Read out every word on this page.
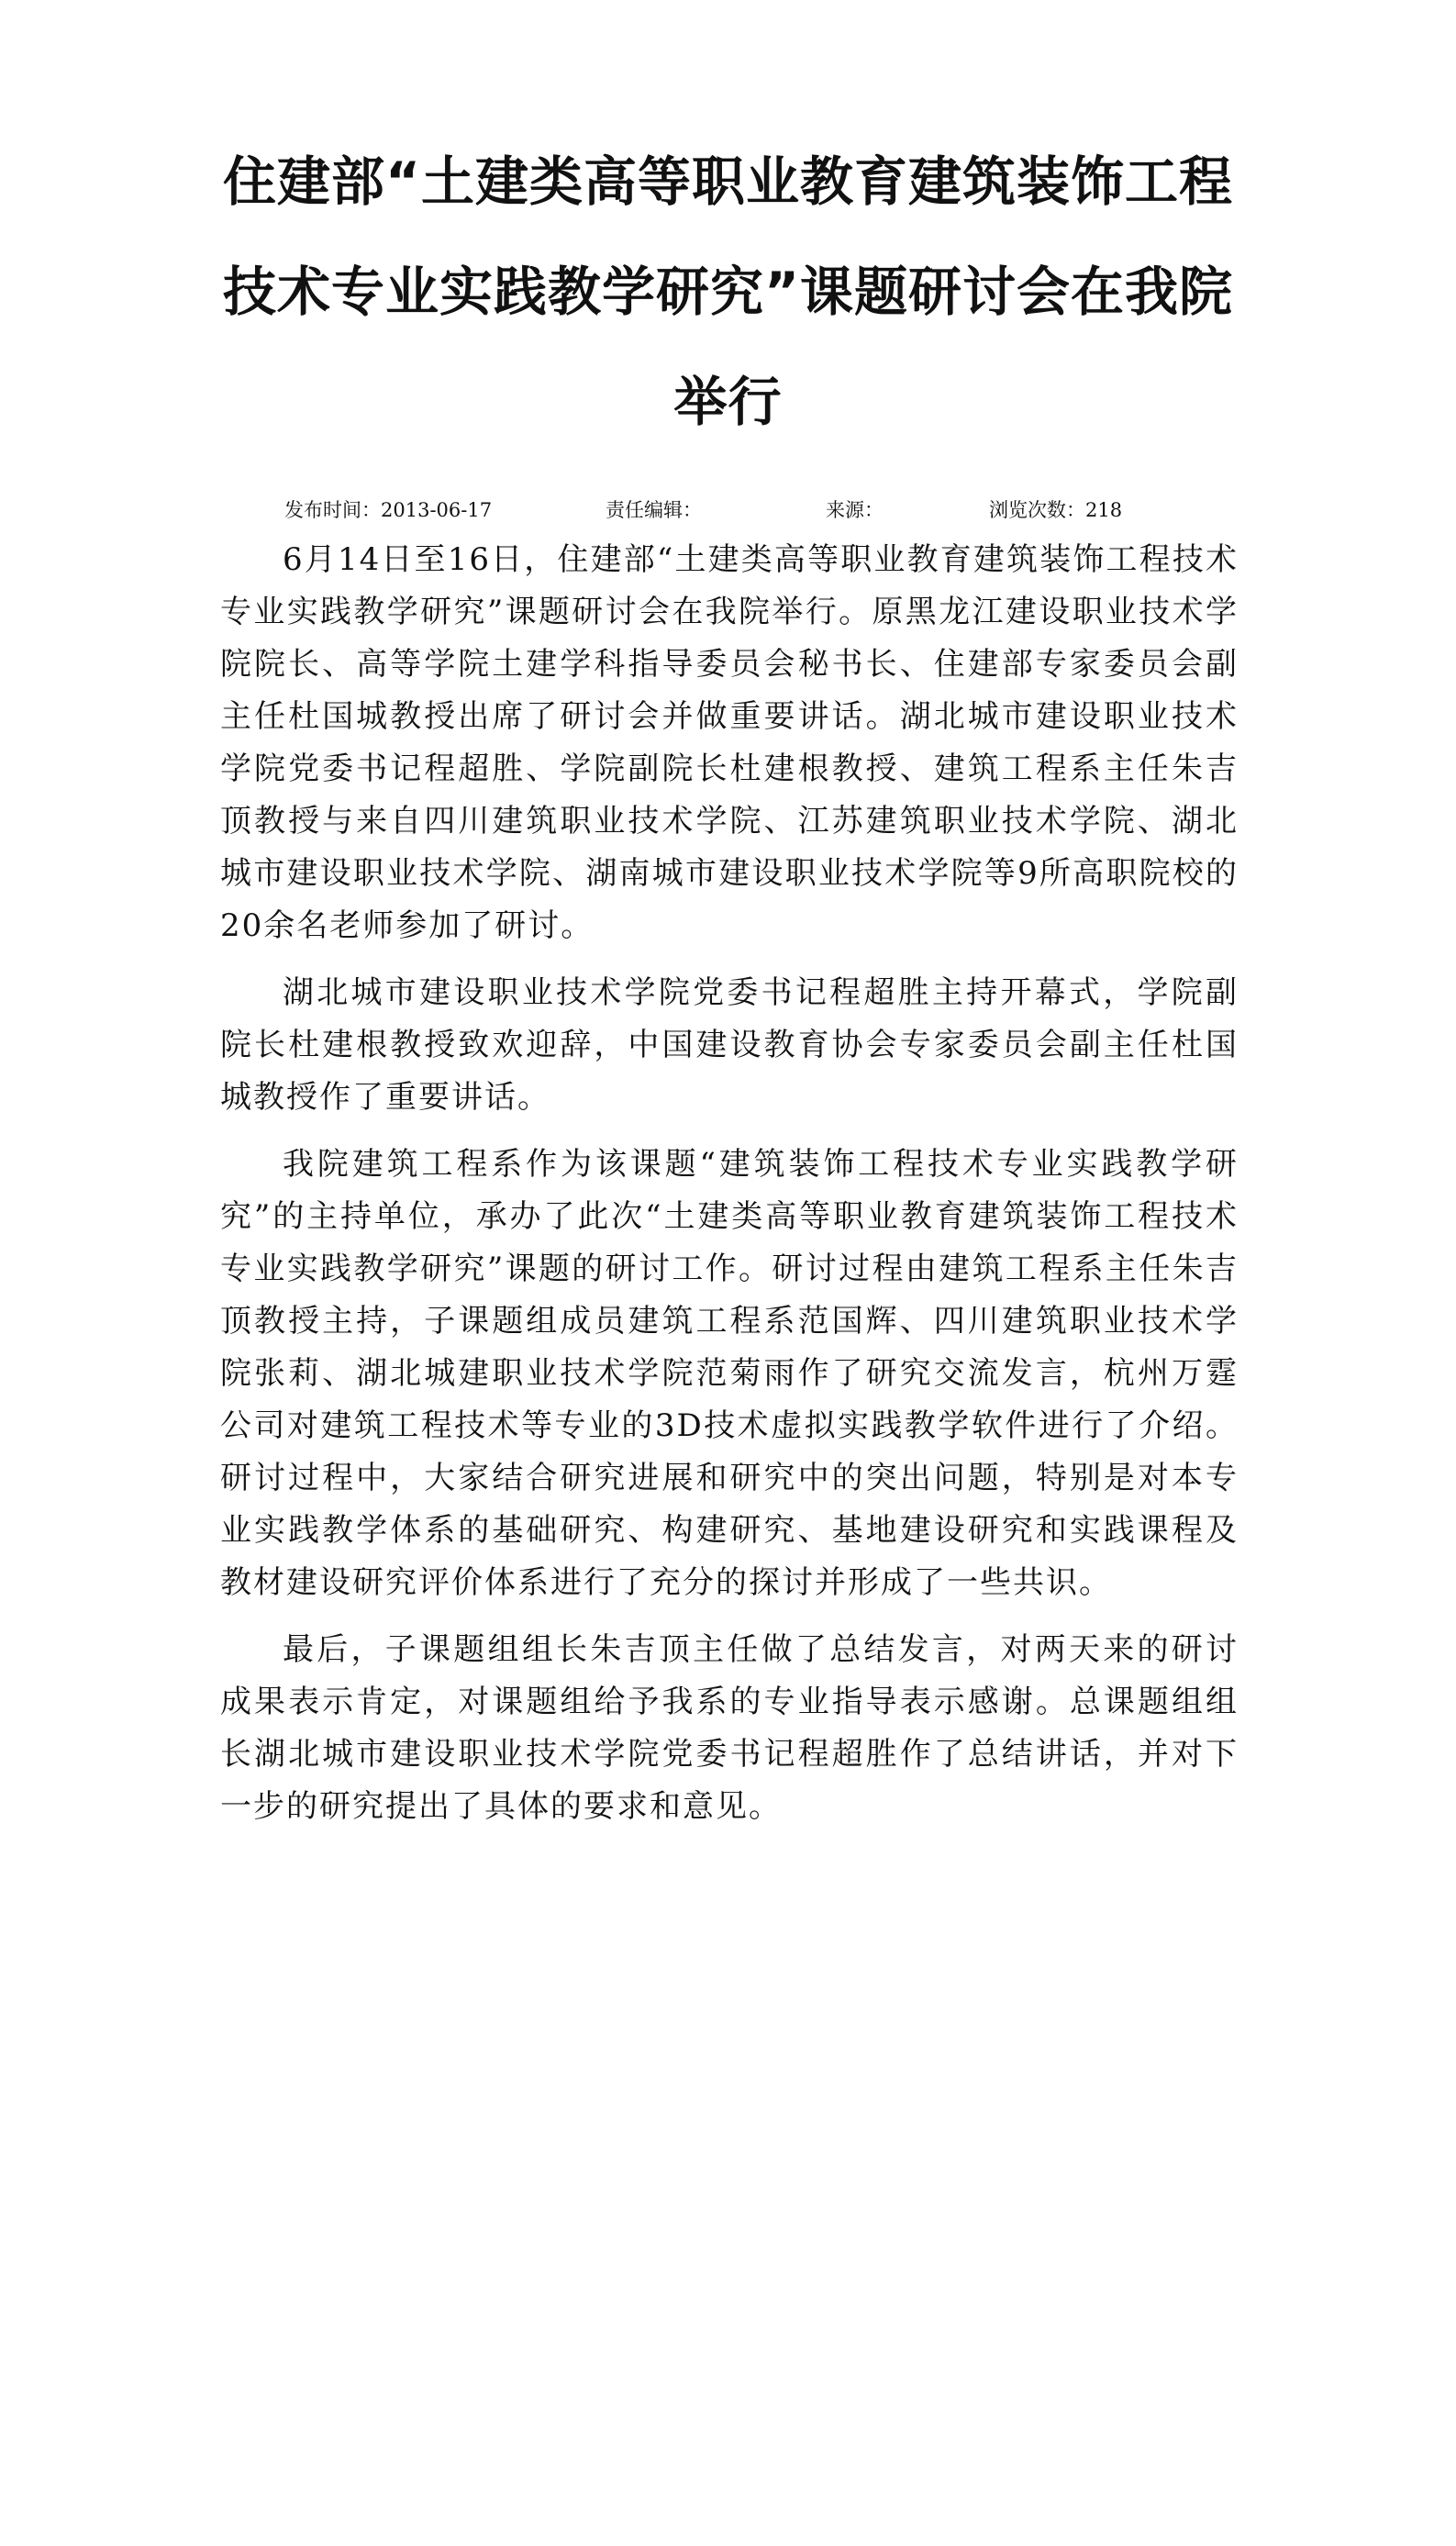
住建部“土建类高等职业教育建筑装饰工程技术专业实践教学研究”课题研讨会在我院举行
发布时间：2013-06-17	责任编辑：	来源：	浏览次数：218

6月14日至16日，住建部“土建类高等职业教育建筑装饰工程技术专业实践教学研究”课题研讨会在我院举行。原黑龙江建设职业技术学院院长、高等学院土建学科指导委员会秘书长、住建部专家委员会副主任杜国城教授出席了研讨会并做重要讲话。湖北城市建设职业技术学院党委书记程超胜、学院副院长杜建根教授、建筑工程系主任朱吉顶教授与来自四川建筑职业技术学院、江苏建筑职业技术学院、湖北城市建设职业技术学院、湖南城市建设职业技术学院等9所高职院校的20余名老师参加了研讨。

湖北城市建设职业技术学院党委书记程超胜主持开幕式，学院副院长杜建根教授致欢迎辞，中国建设教育协会专家委员会副主任杜国城教授作了重要讲话。

我院建筑工程系作为该课题“建筑装饰工程技术专业实践教学研究”的主持单位，承办了此次“土建类高等职业教育建筑装饰工程技术专业实践教学研究”课题的研讨工作。研讨过程由建筑工程系主任朱吉顶教授主持，子课题组成员建筑工程系范国辉、四川建筑职业技术学院张莉、湖北城建职业技术学院范菊雨作了研究交流发言，杭州万霆公司对建筑工程技术等专业的3D技术虚拟实践教学软件进行了介绍。研讨过程中，大家结合研究进展和研究中的突出问题，特别是对本专业实践教学体系的基础研究、构建研究、基地建设研究和实践课程及教材建设研究评价体系进行了充分的探讨并形成了一些共识。

最后，子课题组组长朱吉顶主任做了总结发言，对两天来的研讨成果表示肯定，对课题组给予我系的专业指导表示感谢。总课题组组长湖北城市建设职业技术学院党委书记程超胜作了总结讲话，并对下一步的研究提出了具体的要求和意见。
